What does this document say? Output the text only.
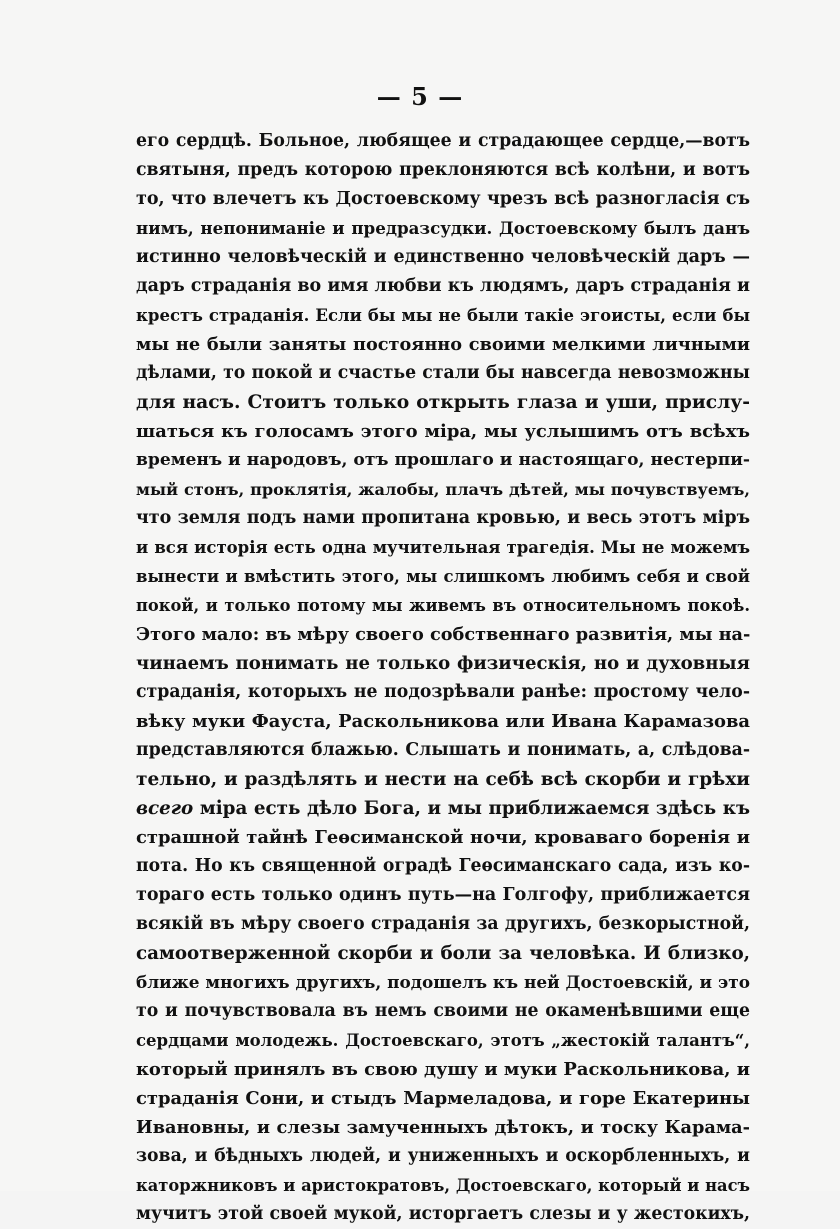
— 5 —
его сердцѣ. Больное, любящее и страдающее сердце,—вотъ
святыня, предъ которою преклоняются всѣ колѣни, и вотъ
то, что влечетъ къ Достоевскому чрезъ всѣ разногласія съ
нимъ, непониманіе и предразсудки. Достоевскому былъ данъ
истинно человѣческій и единственно человѣческій даръ —
даръ страданія во имя любви къ людямъ, даръ страданія и
крестъ страданія. Если бы мы не были такіе эгоисты, если бы
мы не были заняты постоянно своими мелкими личными
дѣлами, то покой и счастье стали бы навсегда невозможны
для насъ. Стоитъ только открыть глаза и уши, прислу-
шаться къ голосамъ этого міра, мы услышимъ отъ всѣхъ
временъ и народовъ, отъ прошлаго и настоящаго, нестерпи-
мый стонъ, проклятія, жалобы, плачъ дѣтей, мы почувствуемъ,
что земля подъ нами пропитана кровью, и весь этотъ міръ
и вся исторія есть одна мучительная трагедія. Мы не можемъ
вынести и вмѣстить этого, мы слишкомъ любимъ себя и свой
покой, и только потому мы живемъ въ относительномъ покоѣ.
Этого мало: въ мѣру своего собственнаго развитія, мы на-
чинаемъ понимать не только физическія, но и духовныя
страданія, которыхъ не подозрѣвали ранѣе: простому чело-
вѣку муки Фауста, Раскольникова или Ивана Карамазова
представляются блажью. Слышать и понимать, а, слѣдова-
тельно, и раздѣлять и нести на себѣ всѣ скорби и грѣхи
всего міра есть дѣло Бога, и мы приближаемся здѣсь къ
страшной тайнѣ Геѳсиманской ночи, кроваваго боренія и
пота. Но къ священной оградѣ Геѳсиманскаго сада, изъ ко-
тораго есть только одинъ путь—на Голгофу, приближается
всякій въ мѣру своего страданія за другихъ, безкорыстной,
самоотверженной скорби и боли за человѣка. И близко,
ближе многихъ другихъ, подошелъ къ ней Достоевскій, и это
то и почувствовала въ немъ своими не окаменѣвшими еще
сердцами молодежь. Достоевскаго, этотъ „жестокій талантъ“,
который принялъ въ свою душу и муки Раскольникова, и
страданія Сони, и стыдъ Мармеладова, и горе Екатерины
Ивановны, и слезы замученныхъ дѣтокъ, и тоску Карама-
зова, и бѣдныхъ людей, и униженныхъ и оскорбленныхъ, и
каторжниковъ и аристократовъ, Достоевскаго, который и насъ
мучитъ этой своей мукой, исторгаетъ слезы и у жестокихъ,
